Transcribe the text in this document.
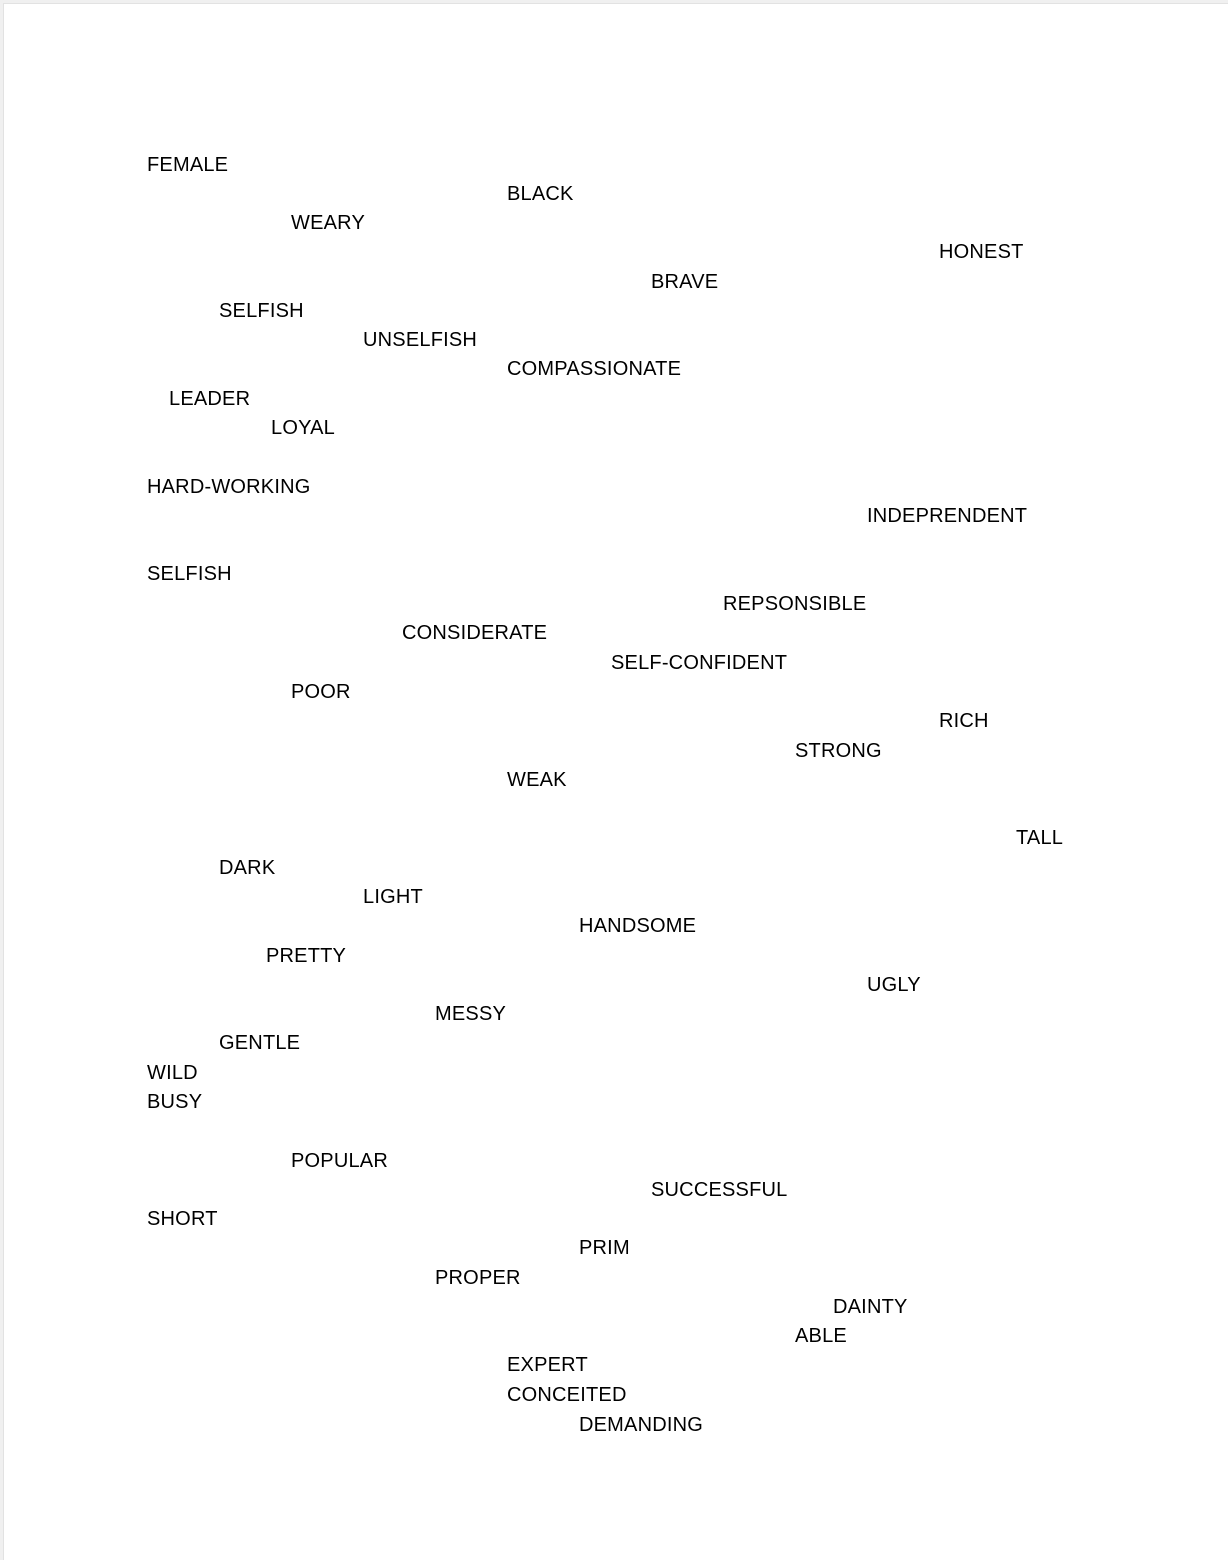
FEMALE
BLACK
WEARY
HONEST
BRAVE
SELFISH
UNSELFISH
COMPASSIONATE
LEADER
LOYAL
HARD-WORKING
INDEPRENDENT
SELFISH
REPSONSIBLE
CONSIDERATE
SELF-CONFIDENT
POOR
RICH
STRONG
WEAK
TALL
DARK
LIGHT
HANDSOME
PRETTY
UGLY
MESSY
GENTLE
WILD
BUSY
POPULAR
SUCCESSFUL
SHORT
PRIM
PROPER
DAINTY
ABLE
EXPERT
CONCEITED
DEMANDING
